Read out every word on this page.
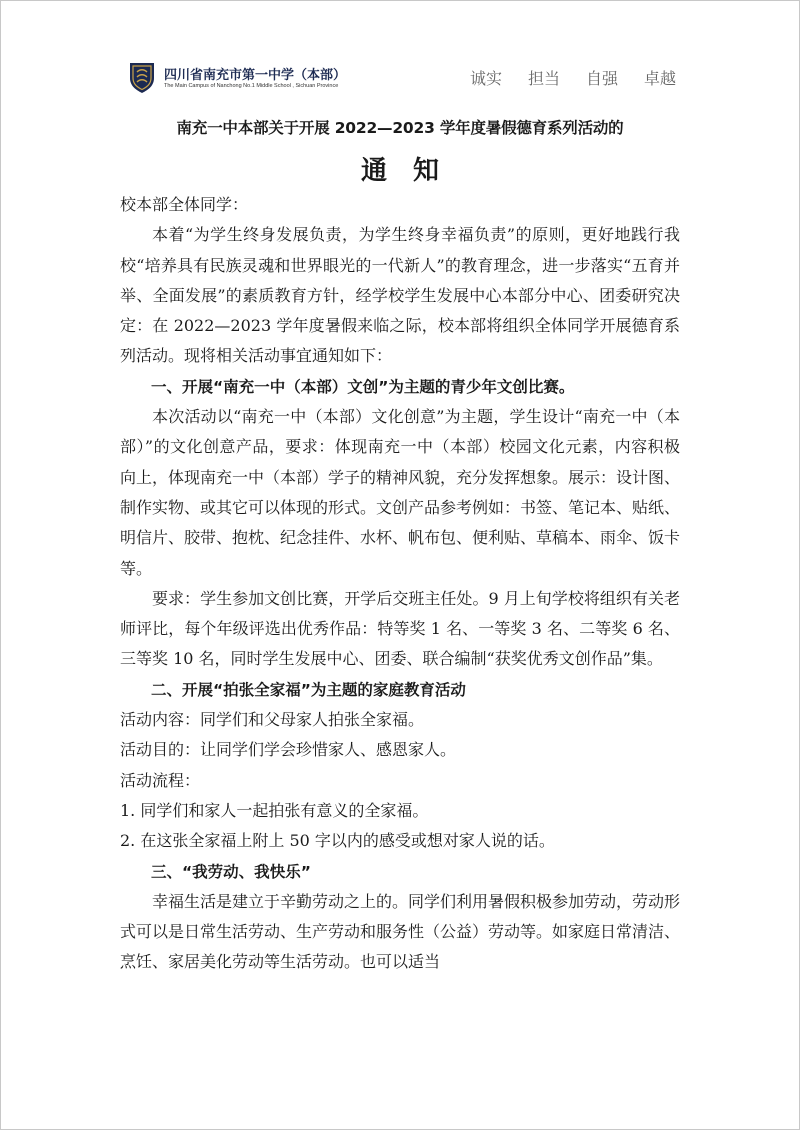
四川省南充市第一中学（本部）
The Main Campus of Nanchong No.1 Middle School , Sichuan Province	诚实 担当 自强 卓越
南充一中本部关于开展 2022—2023 学年度暑假德育系列活动的
通知

校本部全体同学：

本着“为学生终身发展负责，为学生终身幸福负责”的原则，更好地践行我校“培养具有民族灵魂和世界眼光的一代新人”的教育理念，进一步落实“五育并举、全面发展”的素质教育方针，经学校学生发展中心本部分中心、团委研究决定：在 2022—2023 学年度暑假来临之际，校本部将组织全体同学开展德育系列活动。现将相关活动事宜通知如下：

一、开展“南充一中（本部）文创”为主题的青少年文创比赛。

本次活动以“南充一中（本部）文化创意”为主题，学生设计“南充一中（本部）”的文化创意产品，要求：体现南充一中（本部）校园文化元素，内容积极向上，体现南充一中（本部）学子的精神风貌，充分发挥想象。展示：设计图、制作实物、或其它可以体现的形式。文创产品参考例如：书签、笔记本、贴纸、明信片、胶带、抱枕、纪念挂件、水杯、帆布包、便利贴、草稿本、雨伞、饭卡等。

要求：学生参加文创比赛，开学后交班主任处。9 月上旬学校将组织有关老师评比，每个年级评选出优秀作品：特等奖 1 名、一等奖 3 名、二等奖 6 名、三等奖 10 名，同时学生发展中心、团委、联合编制“获奖优秀文创作品”集。

二、开展“拍张全家福”为主题的家庭教育活动

活动内容：同学们和父母家人拍张全家福。

活动目的：让同学们学会珍惜家人、感恩家人。

活动流程：

1. 同学们和家人一起拍张有意义的全家福。

2. 在这张全家福上附上 50 字以内的感受或想对家人说的话。

三、“我劳动、我快乐”

幸福生活是建立于辛勤劳动之上的。同学们利用暑假积极参加劳动，劳动形式可以是日常生活劳动、生产劳动和服务性（公益）劳动等。如家庭日常清洁、烹饪、家居美化劳动等生活劳动。也可以适当
